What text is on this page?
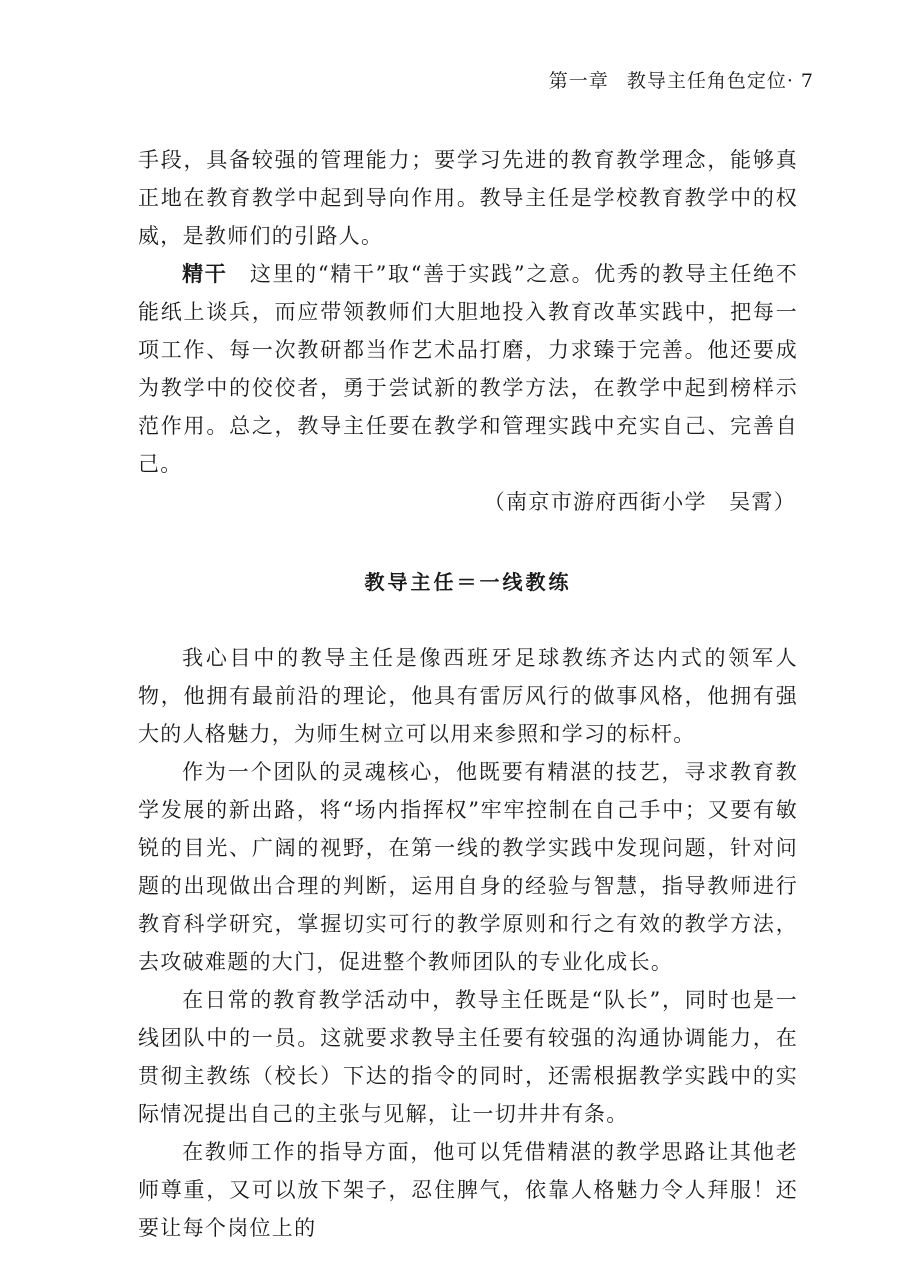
第一章 教导主任角色定位· 7

手段，具备较强的管理能力；要学习先进的教育教学理念，能够真正地在教育教学中起到导向作用。教导主任是学校教育教学中的权威，是教师们的引路人。

精干 这里的“精干”取“善于实践”之意。优秀的教导主任绝不能纸上谈兵，而应带领教师们大胆地投入教育改革实践中，把每一项工作、每一次教研都当作艺术品打磨，力求臻于完善。他还要成为教学中的佼佼者，勇于尝试新的教学方法，在教学中起到榜样示范作用。总之，教导主任要在教学和管理实践中充实自己、完善自己。

（南京市游府西街小学　吴霄）

教导主任＝一线教练

我心目中的教导主任是像西班牙足球教练齐达内式的领军人物，他拥有最前沿的理论，他具有雷厉风行的做事风格，他拥有强大的人格魅力，为师生树立可以用来参照和学习的标杆。

作为一个团队的灵魂核心，他既要有精湛的技艺，寻求教育教学发展的新出路，将“场内指挥权”牢牢控制在自己手中；又要有敏锐的目光、广阔的视野，在第一线的教学实践中发现问题，针对问题的出现做出合理的判断，运用自身的经验与智慧，指导教师进行教育科学研究，掌握切实可行的教学原则和行之有效的教学方法，去攻破难题的大门，促进整个教师团队的专业化成长。

在日常的教育教学活动中，教导主任既是“队长”，同时也是一线团队中的一员。这就要求教导主任要有较强的沟通协调能力，在贯彻主教练（校长）下达的指令的同时，还需根据教学实践中的实际情况提出自己的主张与见解，让一切井井有条。

在教师工作的指导方面，他可以凭借精湛的教学思路让其他老师尊重，又可以放下架子，忍住脾气，依靠人格魅力令人拜服！还要让每个岗位上的
